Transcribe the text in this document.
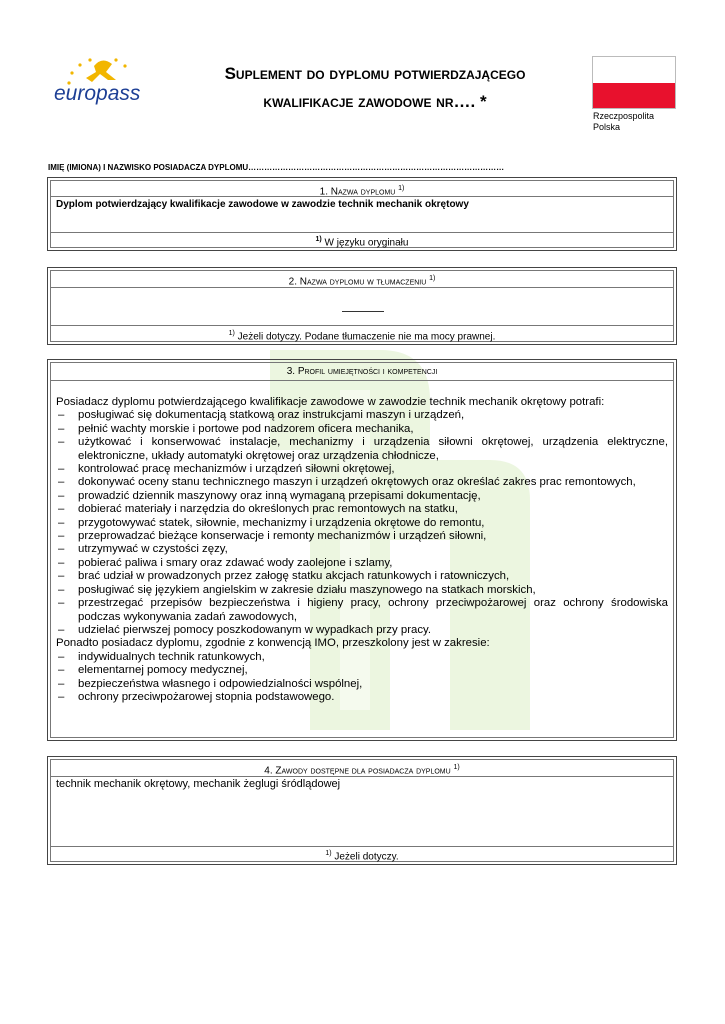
europass
Suplement do dyplomu potwierdzającego
kwalifikacje zawodowe nr…. *
Rzeczpospolita
Polska
IMIĘ (IMIONA) I NAZWISKO POSIADACZA DYPLOMU……………………………………………………………………………………
1. Nazwa dyplomu $^{1)}$
Dyplom potwierdzający kwalifikacje zawodowe w zawodzie technik mechanik okrętowy
$^{1)}$ W języku oryginału
2. Nazwa dyplomu w tłumaczeniu $^{1)}$
$^{1)}$ Jeżeli dotyczy. Podane tłumaczenie nie ma mocy prawnej.
3. Profil umiejętności i kompetencji
Posiadacz dyplomu potwierdzającego kwalifikacje zawodowe w zawodzie technik mechanik okrętowy potrafi:
– posługiwać się dokumentacją statkową oraz instrukcjami maszyn i urządzeń,
– pełnić wachty morskie i portowe pod nadzorem oficera mechanika,
– użytkować i konserwować instalacje, mechanizmy i urządzenia siłowni okrętowej, urządzenia elektryczne, elektroniczne, układy automatyki okrętowej oraz urządzenia chłodnicze,
– kontrolować pracę mechanizmów i urządzeń siłowni okrętowej,
– dokonywać oceny stanu technicznego maszyn i urządzeń okrętowych oraz określać zakres prac remontowych,
– prowadzić dziennik maszynowy oraz inną wymaganą przepisami dokumentację,
– dobierać materiały i narzędzia do określonych prac remontowych na statku,
– przygotowywać statek, siłownie, mechanizmy i urządzenia okrętowe do remontu,
– przeprowadzać bieżące konserwacje i remonty mechanizmów i urządzeń siłowni,
– utrzymywać w czystości zęzy,
– pobierać paliwa i smary oraz zdawać wody zaolejone i szlamy,
– brać udział w prowadzonych przez załogę statku akcjach ratunkowych i ratowniczych,
– posługiwać się językiem angielskim w zakresie działu maszynowego na statkach morskich,
– przestrzegać przepisów bezpieczeństwa i higieny pracy, ochrony przeciwpożarowej oraz ochrony środowiska podczas wykonywania zadań zawodowych,
– udzielać pierwszej pomocy poszkodowanym w wypadkach przy pracy.
Ponadto posiadacz dyplomu, zgodnie z konwencją IMO, przeszkolony jest w zakresie:
– indywidualnych technik ratunkowych,
– elementarnej pomocy medycznej,
– bezpieczeństwa własnego i odpowiedzialności wspólnej,
– ochrony przeciwpożarowej stopnia podstawowego.
4. Zawody dostępne dla posiadacza dyplomu $^{1)}$
technik mechanik okrętowy, mechanik żeglugi śródlądowej
$^{1)}$ Jeżeli dotyczy.
